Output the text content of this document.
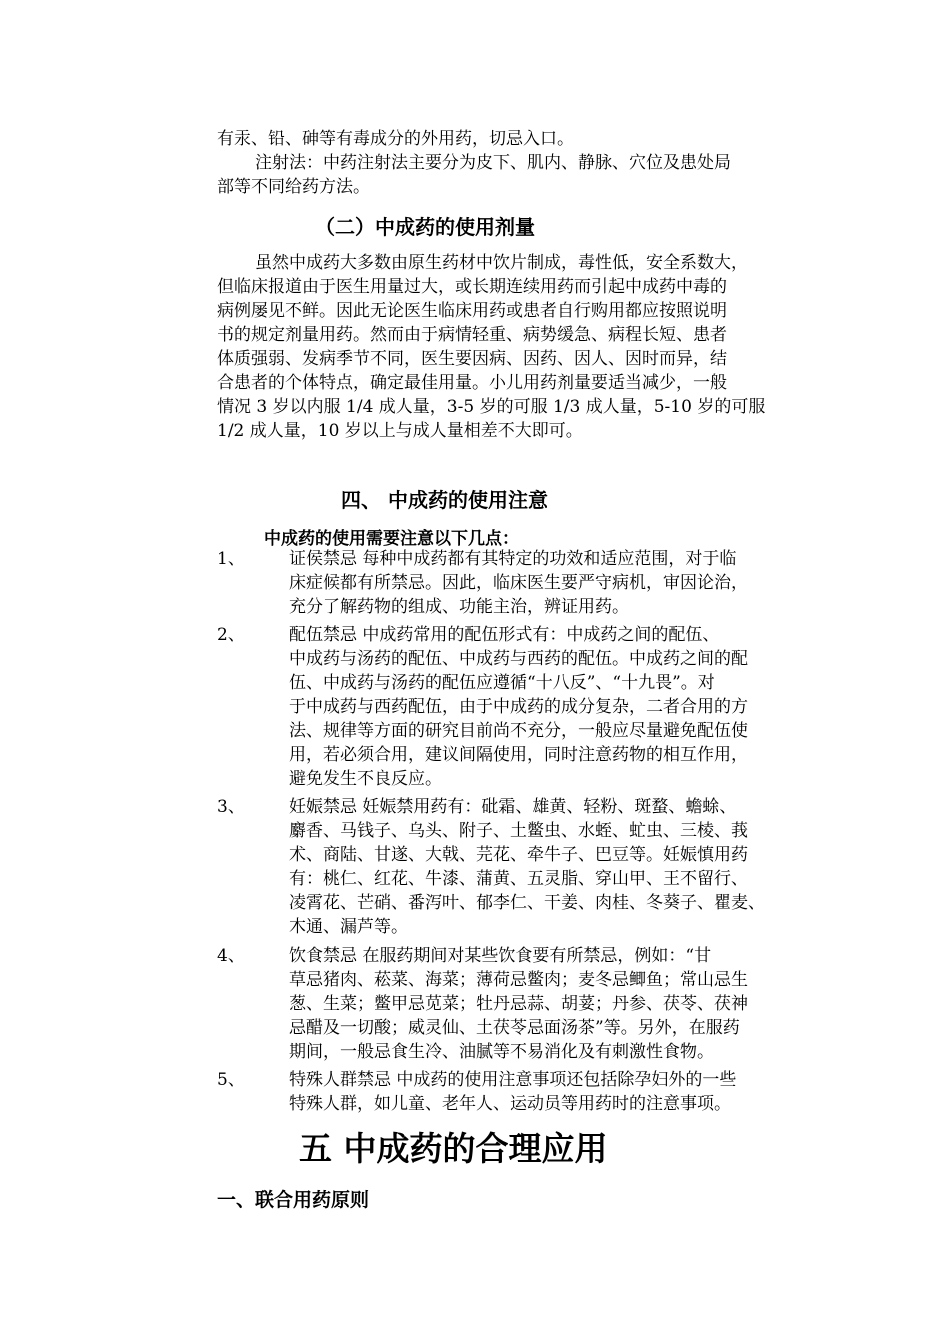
有汞、铅、砷等有毒成分的外用药，切忌入口。
注射法：中药注射法主要分为皮下、肌内、静脉、穴位及患处局
部等不同给药方法。
（二）中成药的使用剂量
虽然中成药大多数由原生药材中饮片制成，毒性低，安全系数大，
但临床报道由于医生用量过大，或长期连续用药而引起中成药中毒的
病例屡见不鲜。因此无论医生临床用药或患者自行购用都应按照说明
书的规定剂量用药。然而由于病情轻重、病势缓急、病程长短、患者
体质强弱、发病季节不同，医生要因病、因药、因人、因时而异，结
合患者的个体特点，确定最佳用量。小儿用药剂量要适当减少，一般
情况 3 岁以内服 1/4 成人量，3-5 岁的可服 1/3 成人量，5-10 岁的可服
1/2 成人量，10 岁以上与成人量相差不大即可。
四、 中成药的使用注意
中成药的使用需要注意以下几点：
1、	证侯禁忌 每种中成药都有其特定的功效和适应范围，对于临
床症候都有所禁忌。因此，临床医生要严守病机，审因论治，
充分了解药物的组成、功能主治，辨证用药。
2、	配伍禁忌 中成药常用的配伍形式有：中成药之间的配伍、
中成药与汤药的配伍、中成药与西药的配伍。中成药之间的配
伍、中成药与汤药的配伍应遵循“十八反”、“十九畏”。对
于中成药与西药配伍，由于中成药的成分复杂，二者合用的方
法、规律等方面的研究目前尚不充分，一般应尽量避免配伍使
用，若必须合用，建议间隔使用，同时注意药物的相互作用，
避免发生不良反应。
3、	妊娠禁忌 妊娠禁用药有：砒霜、雄黄、轻粉、斑蝥、蟾蜍、
麝香、马钱子、乌头、附子、土鳖虫、水蛭、虻虫、三棱、莪
术、商陆、甘遂、大戟、芫花、牵牛子、巴豆等。妊娠慎用药
有：桃仁、红花、牛漆、蒲黄、五灵脂、穿山甲、王不留行、
凌霄花、芒硝、番泻叶、郁李仁、干姜、肉桂、冬葵子、瞿麦、
木通、漏芦等。
4、	饮食禁忌 在服药期间对某些饮食要有所禁忌，例如：“甘
草忌猪肉、菘菜、海菜；薄荷忌鳖肉；麦冬忌鲫鱼；常山忌生
葱、生菜；鳖甲忌苋菜；牡丹忌蒜、胡荽；丹参、茯苓、茯神
忌醋及一切酸；威灵仙、土茯苓忌面汤茶”等。另外，在服药
期间，一般忌食生冷、油腻等不易消化及有刺激性食物。
5、	特殊人群禁忌 中成药的使用注意事项还包括除孕妇外的一些
特殊人群，如儿童、老年人、运动员等用药时的注意事项。
五 中成药的合理应用
一、联合用药原则
